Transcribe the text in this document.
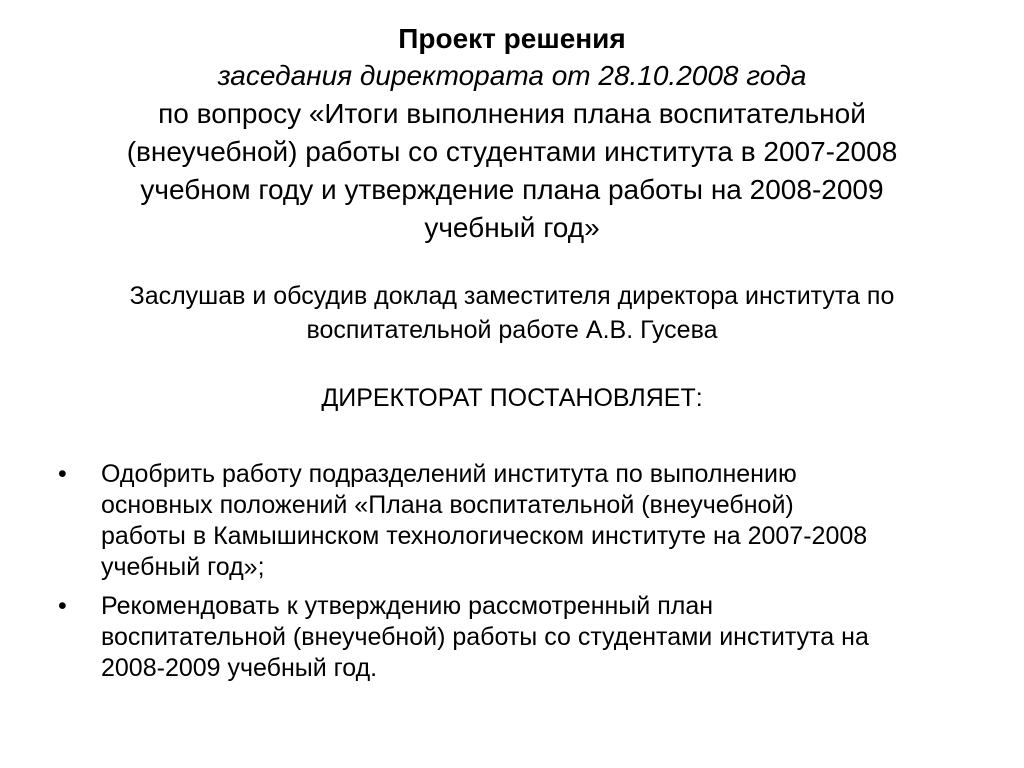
Проект решения
заседания директората от 28.10.2008 года
по вопросу «Итоги выполнения плана воспитательной
(внеучебной) работы со студентами института в 2007-2008
учебном году и утверждение плана работы на 2008-2009
учебный год»
Заслушав и обсудив доклад заместителя директора института по
воспитательной работе А.В. Гусева
ДИРЕКТОРАТ ПОСТАНОВЛЯЕТ:
•	Одобрить работу подразделений института по выполнению
основных положений «Плана воспитательной (внеучебной)
работы в Камышинском технологическом институте на 2007-2008
учебный год»;
•	Рекомендовать к утверждению рассмотренный план
воспитательной (внеучебной) работы со студентами института на
2008-2009 учебный год.
